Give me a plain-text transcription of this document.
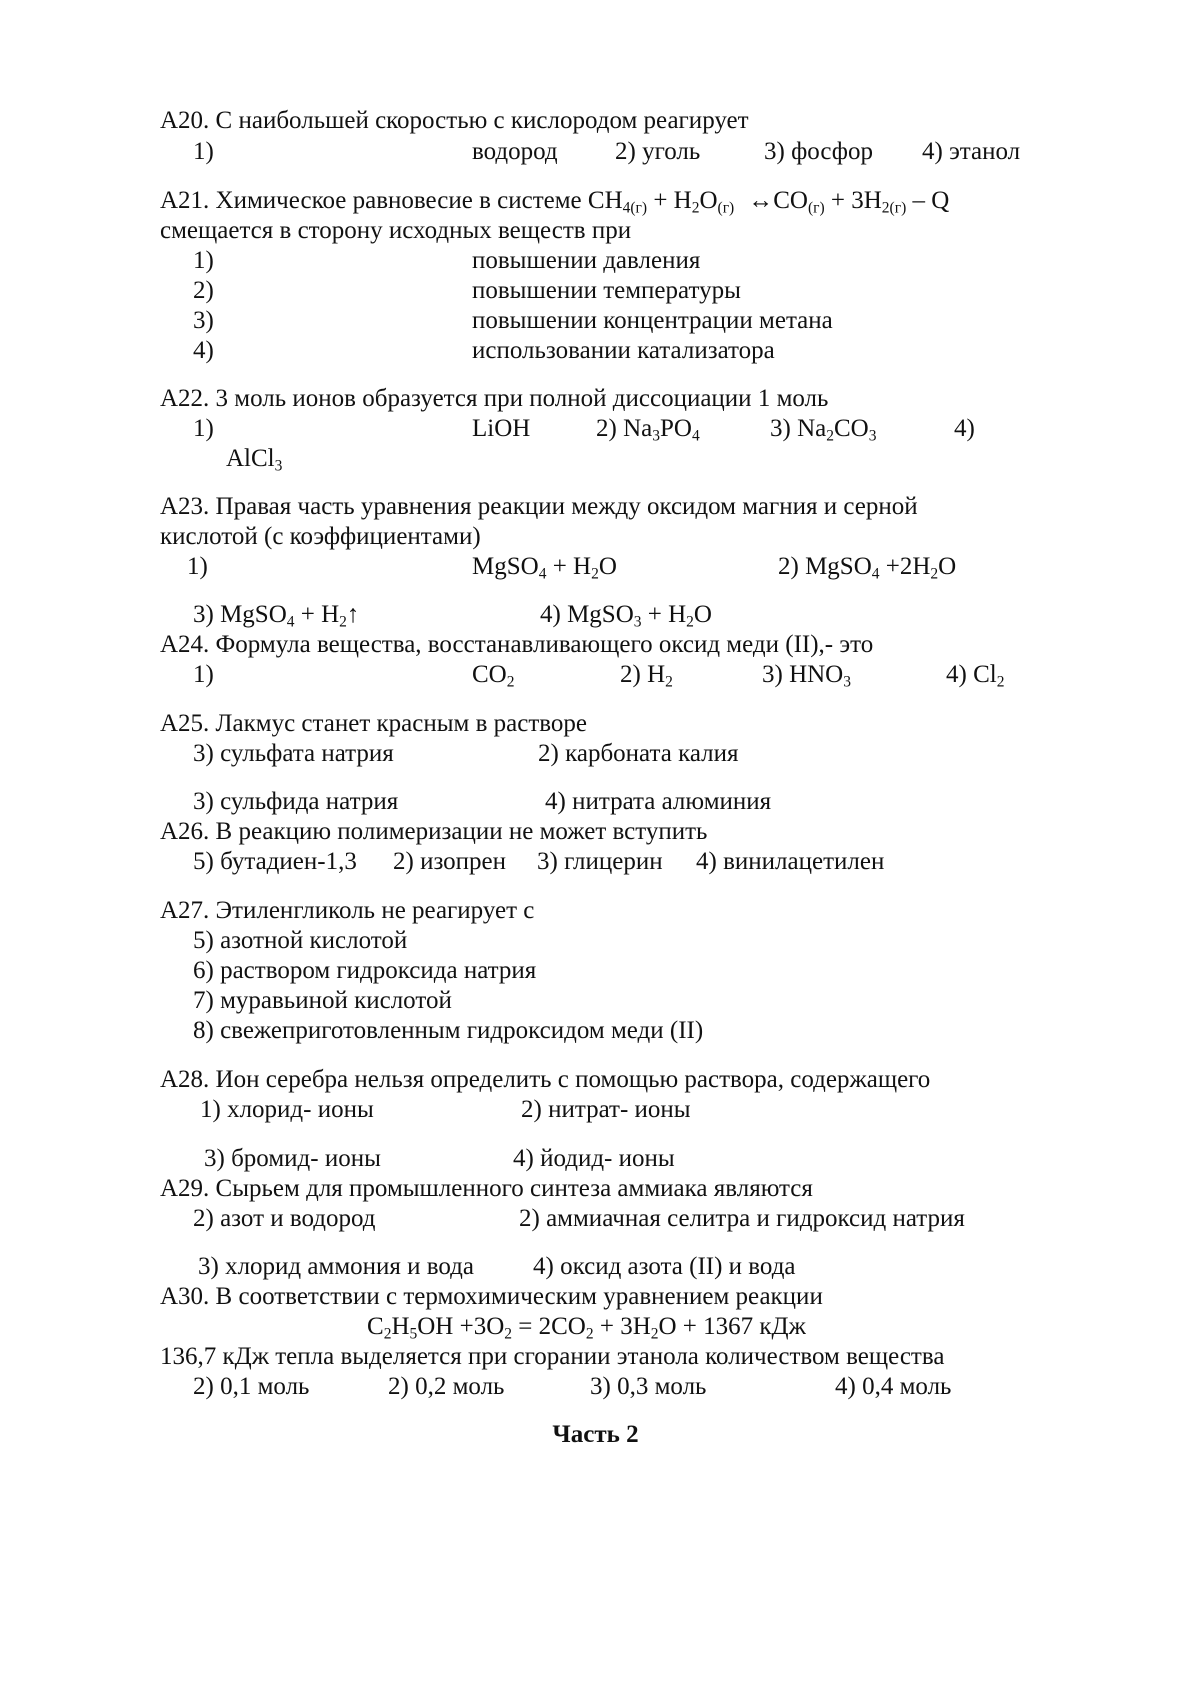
А20. С наибольшей скоростью с кислородом реагирует
1)	водород 2) уголь	3) фосфор 4) этанол
А21. Химическое равновесие в системе $СН_{4(г)} + Н_2О_{(г)}$ $\leftrightarrow СО_{(г)} + 3Н_{2(г)} - Q$
смещается в сторону исходных веществ при
1)	повышении давления
2)	повышении температуры
3)	повышении концентрации метана
4)	использовании катализатора
А22. 3 моль ионов образуется при полной диссоциации 1 моль
1)	LiOH	2) $Na_3PO_4$	3) $Na_2CO_3$	4)
AlCl$_3$
А23. Правая часть уравнения реакции между оксидом магния и серной
кислотой (с коэффициентами)
1)	MgSO$_4$ + $H_2O$	2) MgSO$_4$ $+2H_2O$
3) MgSO$_4$ + $H_2↑$	4) MgSO$_3$ + $H_2O$
А24. Формула вещества, восстанавливающего оксид меди (II),- это
1)	$CO_2$	2) $H_2$	3) $HNO_3$	4) $Cl_2$
А25. Лакмус станет красным в растворе
3) сульфата натрия	2) карбоната калия
3) сульфида натрия	4) нитрата алюминия
А26. В реакцию полимеризации не может вступить
5) бутадиен-1,3 2) изопрен 3) глицерин 4) винилацетилен
А27. Этиленгликоль не реагирует с
5) азотной кислотой
6) раствором гидроксида натрия
7) муравьиной кислотой
8) свежеприготовленным гидроксидом меди (II)
А28. Ион серебра нельзя определить с помощью раствора, содержащего
1) хлорид- ионы	2) нитрат- ионы
3) бромид- ионы	4) йодид- ионы
А29. Сырьем для промышленного синтеза аммиака являются
2) азот и водород	2) аммиачная селитра и гидроксид натрия
3) хлорид аммония и вода 4) оксид азота (II) и вода
А30. В соответствии с термохимическим уравнением реакции
$C_2H_5OH +3O_2 = 2CO_2 + 3H_2O + 1367$ кДж
136,7 кДж тепла выделяется при сгорании этанола количеством вещества
2) 0,1 моль	2) 0,2 моль	3) 0,3 моль	4) 0,4 моль
Часть 2
